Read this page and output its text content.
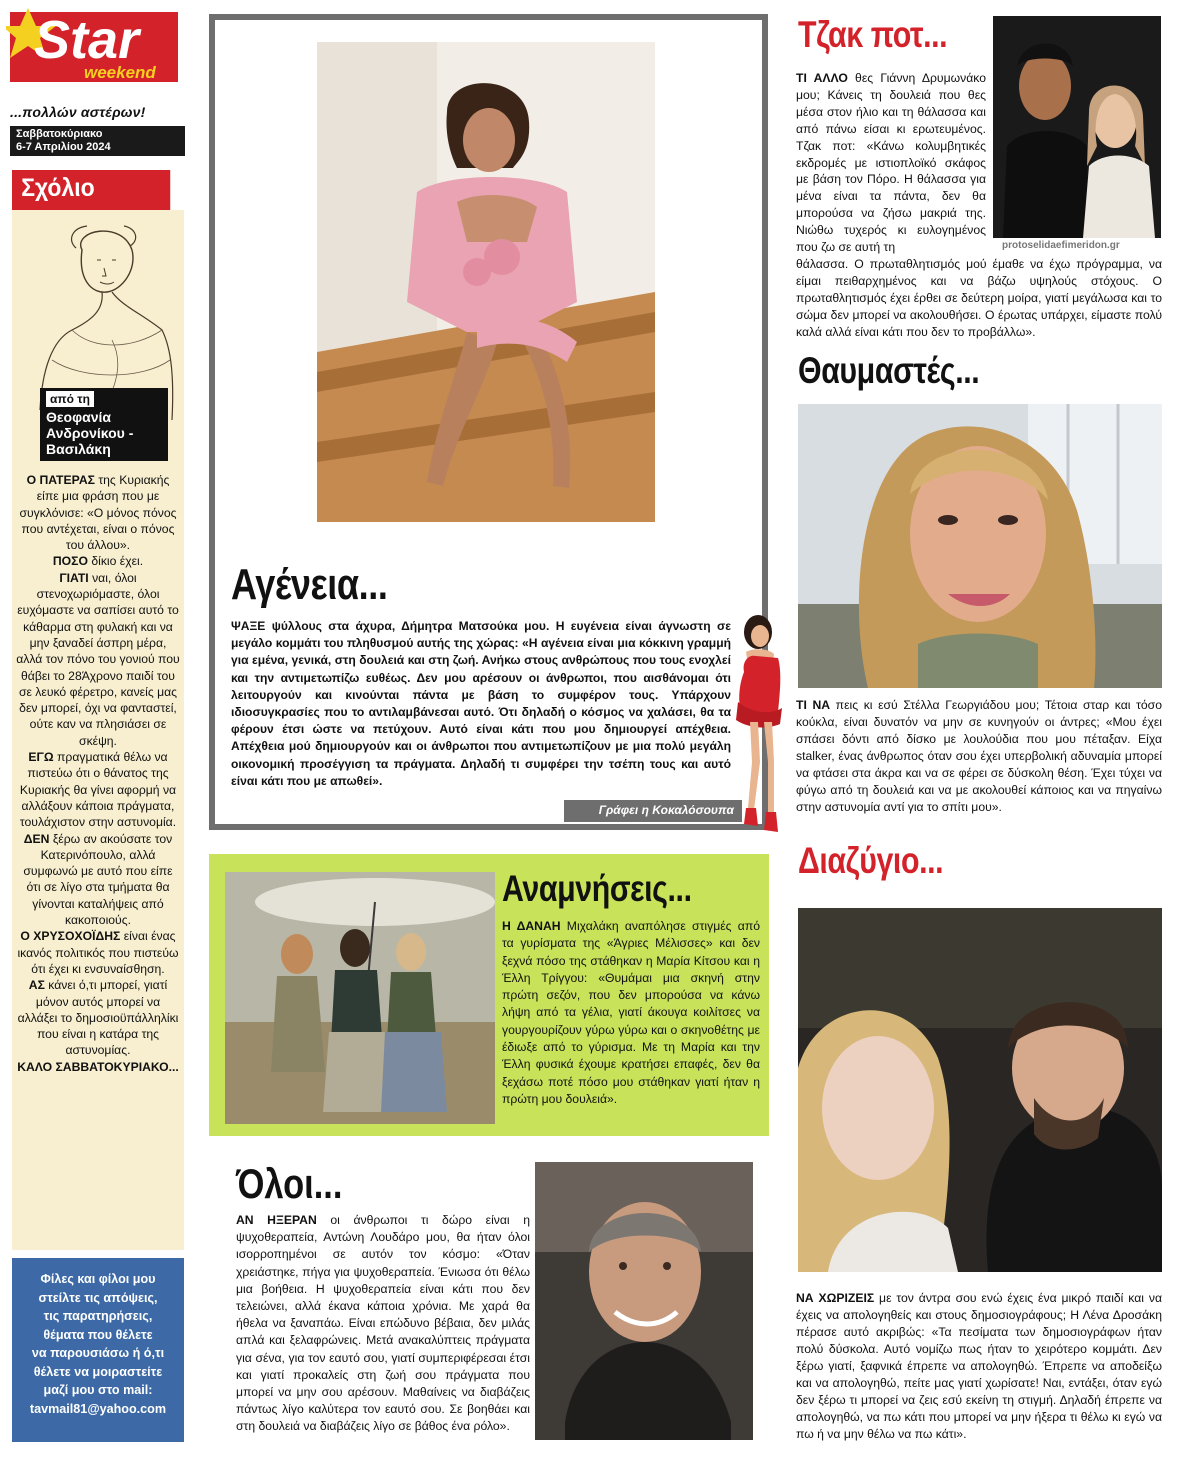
Star
weekend
...πολλών αστέρων!
Σαββατοκύριακο
6-7 Απριλίου 2024
Σχόλιο
από τη
Θεοφανία Ανδρονίκου - Βασιλάκη

Ο ΠΑΤΕΡΑΣ της Κυριακής είπε μια φράση που με συγκλόνισε: «Ο μόνος πόνος που αντέχεται, είναι ο πόνος του άλλου».

ΠΟΣΟ δίκιο έχει.

ΓΙΑΤΙ ναι, όλοι στενοχωριόμαστε, όλοι ευχόμαστε να σαπίσει αυτό το κάθαρμα στη φυλακή και να μην ξαναδεί άσπρη μέρα, αλλά τον πόνο του γονιού που θάβει το 28Άχρονο παιδί του σε λευκό φέρετρο, κανείς μας δεν μπορεί, όχι να φανταστεί, ούτε καν να πλησιάσει σε σκέψη.

ΕΓΩ πραγματικά θέλω να πιστεύω ότι ο θάνατος της Κυριακής θα γίνει αφορμή να αλλάξουν κάποια πράγματα, τουλάχιστον στην αστυνομία.

ΔΕΝ ξέρω αν ακούσατε τον Κατερινόπουλο, αλλά συμφωνώ με αυτό που είπε ότι σε λίγο στα τμήματα θα γίνονται καταλήψεις από κακοποιούς.

Ο ΧΡΥΣΟΧΟΪΔΗΣ είναι ένας ικανός πολιτικός που πιστεύω ότι έχει κι ενσυναίσθηση.

ΑΣ κάνει ό,τι μπορεί, γιατί μόνον αυτός μπορεί να αλλάξει το δημοσιοϋπάλληλίκι που είναι η κατάρα της αστυνομίας.

ΚΑΛΟ ΣΑΒΒΑΤΟΚΥΡΙΑΚΟ...

Φίλες και φίλοι μου
στείλτε τις απόψεις,
τις παρατηρήσεις,
θέματα που θέλετε
να παρουσιάσω ή ό,τι
θέλετε να μοιραστείτε
μαζί μου στο mail:
tavmail81@yahoo.com
Αγένεια...
ΨΑΞΕ ψύλλους στα άχυρα, Δήμητρα Ματσούκα μου. Η ευγένεια είναι άγνωστη σε μεγάλο κομμάτι του πληθυσμού αυτής της χώρας: «Η αγένεια είναι μια κόκκινη γραμμή για εμένα, γενικά, στη δουλειά και στη ζωή. Ανήκω στους ανθρώπους που τους ενοχλεί και την αντιμετωπίζω ευθέως. Δεν μου αρέσουν οι άνθρωποι, που αισθάνομαι ότι λειτουργούν και κινούνται πάντα με βάση το συμφέρον τους. Υπάρχουν ιδιοσυγκρασίες που το αντιλαμβάνεσαι αυτό. Ότι δηλαδή ο κόσμος να χαλάσει, θα τα φέρουν έτσι ώστε να πετύχουν. Αυτό είναι κάτι που μου δημιουργεί απέχθεια. Απέχθεια μού δημιουργούν και οι άνθρωποι που αντιμετωπίζουν με μια πολύ μεγάλη οικονομική προσέγγιση τα πράγματα. Δηλαδή τι συμφέρει την τσέπη τους και αυτό είναι κάτι που με απωθεί».
Γράφει η Κοκαλόσουπα
Αναμνήσεις...
Η ΔΑΝΑΗ Μιχαλάκη αναπόλησε στιγμές από τα γυρίσματα της «Άγριες Μέλισσες» και δεν ξεχνά πόσο της στάθηκαν η Μαρία Κίτσου και η Έλλη Τρίγγου: «Θυμάμαι μια σκηνή στην πρώτη σεζόν, που δεν μπορούσα να κάνω λήψη από τα γέλια, γιατί άκουγα κοιλίτσες να γουργουρίζουν γύρω γύρω και ο σκηνοθέτης με έδιωξε από το γύρισμα. Με τη Μαρία και την Έλλη φυσικά έχουμε κρατήσει επαφές, δεν θα ξεχάσω ποτέ πόσο μου στάθηκαν γιατί ήταν η πρώτη μου δουλειά».
Όλοι...
ΑΝ ΗΞΕΡΑΝ οι άνθρωποι τι δώρο είναι η ψυχοθεραπεία, Αντώνη Λουδάρο μου, θα ήταν όλοι ισορροπημένοι σε αυτόν τον κόσμο: «Όταν χρειάστηκε, πήγα για ψυχοθεραπεία. Ένιωσα ότι θέλω μια βοήθεια. Η ψυχοθεραπεία είναι κάτι που δεν τελειώνει, αλλά έκανα κάποια χρόνια. Με χαρά θα ήθελα να ξαναπάω. Είναι επώδυνο βέβαια, δεν μιλάς απλά και ξελαφρώνεις. Μετά ανακαλύπτεις πράγματα για σένα, για τον εαυτό σου, γιατί συμπεριφέρεσαι έτσι και γιατί προκαλείς στη ζωή σου πράγματα που μπορεί να μην σου αρέσουν. Μαθαίνεις να διαβάζεις πάντως λίγο καλύτερα τον εαυτό σου. Σε βοηθάει και στη δουλειά να διαβάζεις λίγο σε βάθος ένα ρόλο».
Τζακ ποτ...
ΤΙ ΑΛΛΟ θες Γιάννη Δρυμωνάκο μου; Κάνεις τη δουλειά που θες μέσα στον ήλιο και τη θάλασσα και από πάνω είσαι κι ερωτευμένος. Τζακ ποτ: «Κάνω κολυμβητικές εκδρομές με ιστιοπλοϊκό σκάφος με βάση τον Πόρο. Η θάλασσα για μένα είναι τα πάντα, δεν θα μπορούσα να ζήσω μακριά της. Νιώθω τυχερός κι ευλογημένος που ζω σε αυτή τη
θάλασσα. Ο πρωταθλητισμός μού έμαθε να έχω πρόγραμμα, να είμαι πειθαρχημένος και να βάζω υψηλούς στόχους. Ο πρωταθλητισμός έχει έρθει σε δεύτερη μοίρα, γιατί μεγάλωσα και το σώμα δεν μπορεί να ακολουθήσει. Ο έρωτας υπάρχει, είμαστε πολύ καλά αλλά είναι κάτι που δεν το προβάλλω».
protoselidaefimeridon.gr
Θαυμαστές...
ΤΙ ΝΑ πεις κι εσύ Στέλλα Γεωργιάδου μου; Τέτοια σταρ και τόσο κούκλα, είναι δυνατόν να μην σε κυνηγούν οι άντρες; «Μου έχει σπάσει δόντι από δίσκο με λουλούδια που μου πέταξαν. Είχα stalker, ένας άνθρωπος όταν σου έχει υπερβολική αδυναμία μπορεί να φτάσει στα άκρα και να σε φέρει σε δύσκολη θέση. Έχει τύχει να φύγω από τη δουλειά και να με ακολουθεί κάποιος και να πηγαίνω στην αστυνομία αντί για το σπίτι μου».
Διαζύγιο...
ΝΑ ΧΩΡΙΖΕΙΣ με τον άντρα σου ενώ έχεις ένα μικρό παιδί και να έχεις να απολογηθείς και στους δημοσιογράφους; Η Λένα Δροσάκη πέρασε αυτό ακριβώς: «Τα πεσίματα των δημοσιογράφων ήταν πολύ δύσκολα. Αυτό νομίζω πως ήταν το χειρότερο κομμάτι. Δεν ξέρω γιατί, ξαφνικά έπρεπε να απολογηθώ. Έπρεπε να αποδείξω και να απολογηθώ, πείτε μας γιατί χωρίσατε! Ναι, εντάξει, όταν εγώ δεν ξέρω τι μπορεί να ζεις εσύ εκείνη τη στιγμή. Δηλαδή έπρεπε να απολογηθώ, να πω κάτι που μπορεί να μην ήξερα τι θέλω κι εγώ να πω ή να μην θέλω να πω κάτι».
